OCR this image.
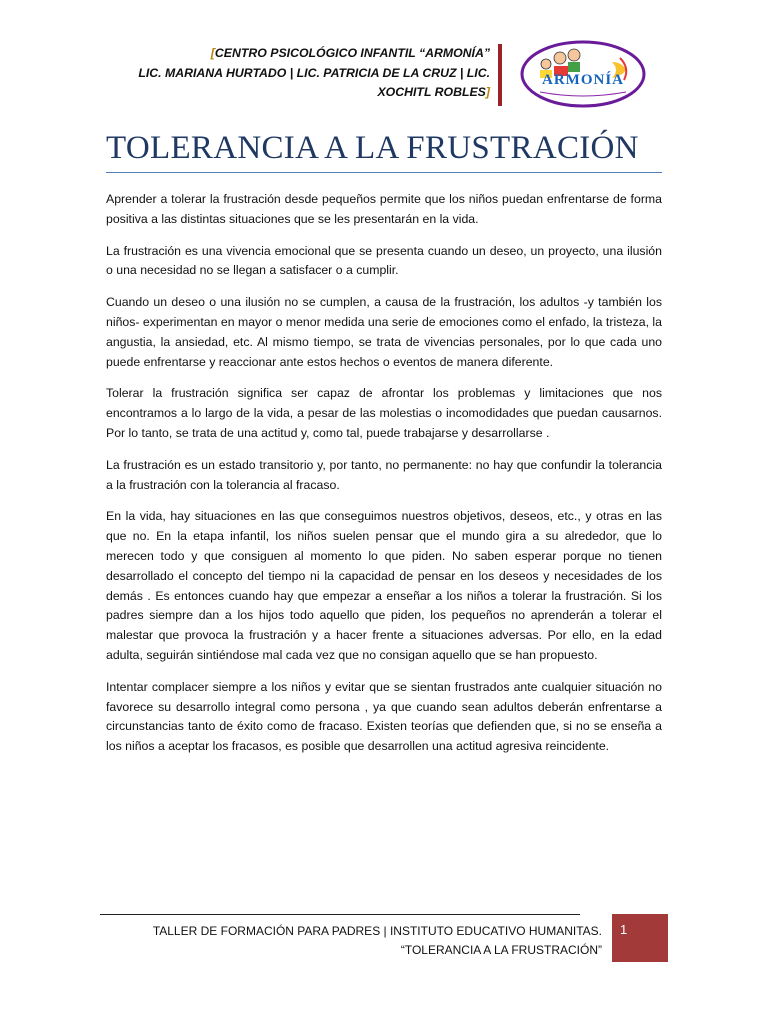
[CENTRO PSICOLÓGICO INFANTIL “ARMONÍA”
LIC. MARIANA HURTADO | LIC. PATRICIA DE LA CRUZ | LIC.
XOCHITL ROBLES]
ARMONÍA
TOLERANCIA A LA FRUSTRACIÓN

Aprender a tolerar la frustración desde pequeños permite que los niños puedan enfrentarse de forma positiva a las distintas situaciones que se les presentarán en la vida.

La frustración es una vivencia emocional que se presenta cuando un deseo, un proyecto, una ilusión o una necesidad no se llegan a satisfacer o a cumplir.

Cuando un deseo o una ilusión no se cumplen, a causa de la frustración, los adultos -y también los niños- experimentan en mayor o menor medida una serie de emociones como el enfado, la tristeza, la angustia, la ansiedad, etc. Al mismo tiempo, se trata de vivencias personales, por lo que cada uno puede enfrentarse y reaccionar ante estos hechos o eventos de manera diferente.

Tolerar la frustración significa ser capaz de afrontar los problemas y limitaciones que nos encontramos a lo largo de la vida, a pesar de las molestias o incomodidades que puedan causarnos. Por lo tanto, se trata de una actitud y, como tal, puede trabajarse y desarrollarse .

La frustración es un estado transitorio y, por tanto, no permanente: no hay que confundir la tolerancia a la frustración con la tolerancia al fracaso.

En la vida, hay situaciones en las que conseguimos nuestros objetivos, deseos, etc., y otras en las que no. En la etapa infantil, los niños suelen pensar que el mundo gira a su alrededor, que lo merecen todo y que consiguen al momento lo que piden. No saben esperar porque no tienen desarrollado el concepto del tiempo ni la capacidad de pensar en los deseos y necesidades de los demás . Es entonces cuando hay que empezar a enseñar a los niños a tolerar la frustración. Si los padres siempre dan a los hijos todo aquello que piden, los pequeños no aprenderán a tolerar el malestar que provoca la frustración y a hacer frente a situaciones adversas. Por ello, en la edad adulta, seguirán sintiéndose mal cada vez que no consigan aquello que se han propuesto.

Intentar complacer siempre a los niños y evitar que se sientan frustrados ante cualquier situación no favorece su desarrollo integral como persona , ya que cuando sean adultos deberán enfrentarse a circunstancias tanto de éxito como de fracaso. Existen teorías que defienden que, si no se enseña a los niños a aceptar los fracasos, es posible que desarrollen una actitud agresiva reincidente.

TALLER DE FORMACIÓN PARA PADRES | INSTITUTO EDUCATIVO HUMANITAS.
“TOLERANCIA A LA FRUSTRACIÓN”
1
